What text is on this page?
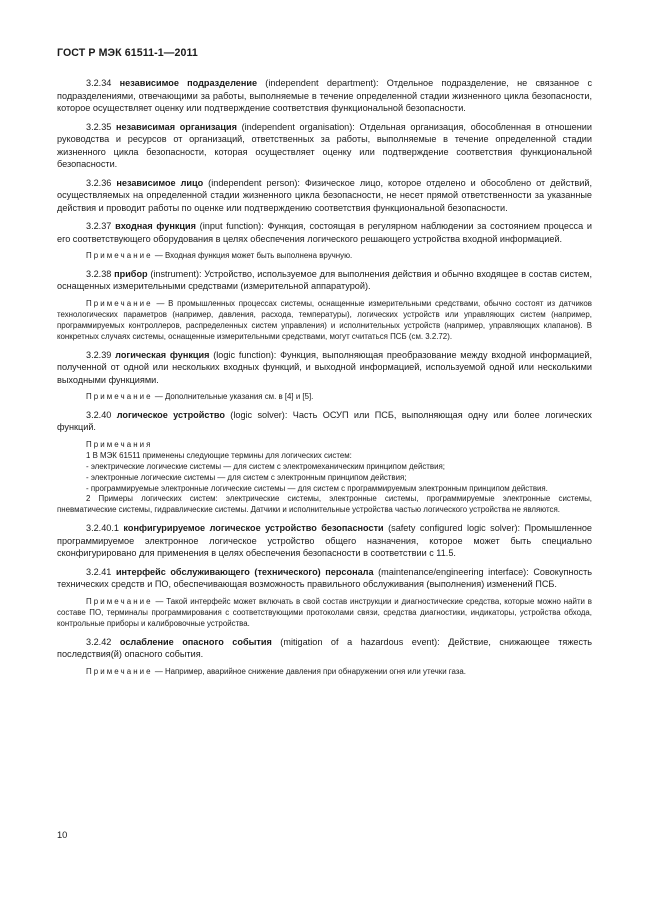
ГОСТ Р МЭК 61511-1—2011

3.2.34 независимое подразделение (independent department): Отдельное подразделение, не связанное с подразделениями, отвечающими за работы, выполняемые в течение определенной стадии жизненного цикла безопасности, которое осуществляет оценку или подтверждение соответствия функциональной безопасности.

3.2.35 независимая организация (independent organisation): Отдельная организация, обособленная в отношении руководства и ресурсов от организаций, ответственных за работы, выполняемые в течение определенной стадии жизненного цикла безопасности, которая осуществляет оценку или подтверждение соответствия функциональной безопасности.

3.2.36 независимое лицо (independent person): Физическое лицо, которое отделено и обособлено от действий, осуществляемых на определенной стадии жизненного цикла безопасности, не несет прямой ответственности за указанные действия и проводит работы по оценке или подтверждению соответствия функциональной безопасности.

3.2.37 входная функция (input function): Функция, состоящая в регулярном наблюдении за состоянием процесса и его соответствующего оборудования в целях обеспечения логического решающего устройства входной информацией.

Примечание — Входная функция может быть выполнена вручную.

3.2.38 прибор (instrument): Устройство, используемое для выполнения действия и обычно входящее в состав систем, оснащенных измерительными средствами (измерительной аппаратурой).

Примечание — В промышленных процессах системы, оснащенные измерительными средствами, обычно состоят из датчиков технологических параметров (например, давления, расхода, температуры), логических устройств или управляющих систем (например, программируемых контроллеров, распределенных систем управления) и исполнительных устройств (например, управляющих клапанов). В конкретных случаях системы, оснащенные измерительными средствами, могут считаться ПСБ (см. 3.2.72).

3.2.39 логическая функция (logic function): Функция, выполняющая преобразование между входной информацией, полученной от одной или нескольких входных функций, и выходной информацией, используемой одной или несколькими выходными функциями.

Примечание — Дополнительные указания см. в [4] и [5].

3.2.40 логическое устройство (logic solver): Часть ОСУП или ПСБ, выполняющая одну или более логических функций.

Примечания

1 В МЭК 61511 применены следующие термины для логических систем:

- электрические логические системы — для систем с электромеханическим принципом действия;

- электронные логические системы — для систем с электронным принципом действия;

- программируемые электронные логические системы — для систем с программируемым электронным принципом действия.

2 Примеры логических систем: электрические системы, электронные системы, программируемые электронные системы, пневматические системы, гидравлические системы. Датчики и исполнительные устройства частью логического устройства не являются.

3.2.40.1 конфигурируемое логическое устройство безопасности (safety configured logic solver): Промышленное программируемое электронное логическое устройство общего назначения, которое может быть специально сконфигурировано для применения в целях обеспечения безопасности в соответствии с 11.5.

3.2.41 интерфейс обслуживающего (технического) персонала (maintenance/engineering interface): Совокупность технических средств и ПО, обеспечивающая возможность правильного обслуживания (выполнения) изменений ПСБ.

Примечание — Такой интерфейс может включать в свой состав инструкции и диагностические средства, которые можно найти в составе ПО, терминалы программирования с соответствующими протоколами связи, средства диагностики, индикаторы, устройства обхода, контрольные приборы и калибровочные устройства.

3.2.42 ослабление опасного события (mitigation of a hazardous event): Действие, снижающее тяжесть последствия(й) опасного события.

Примечание — Например, аварийное снижение давления при обнаружении огня или утечки газа.

10
